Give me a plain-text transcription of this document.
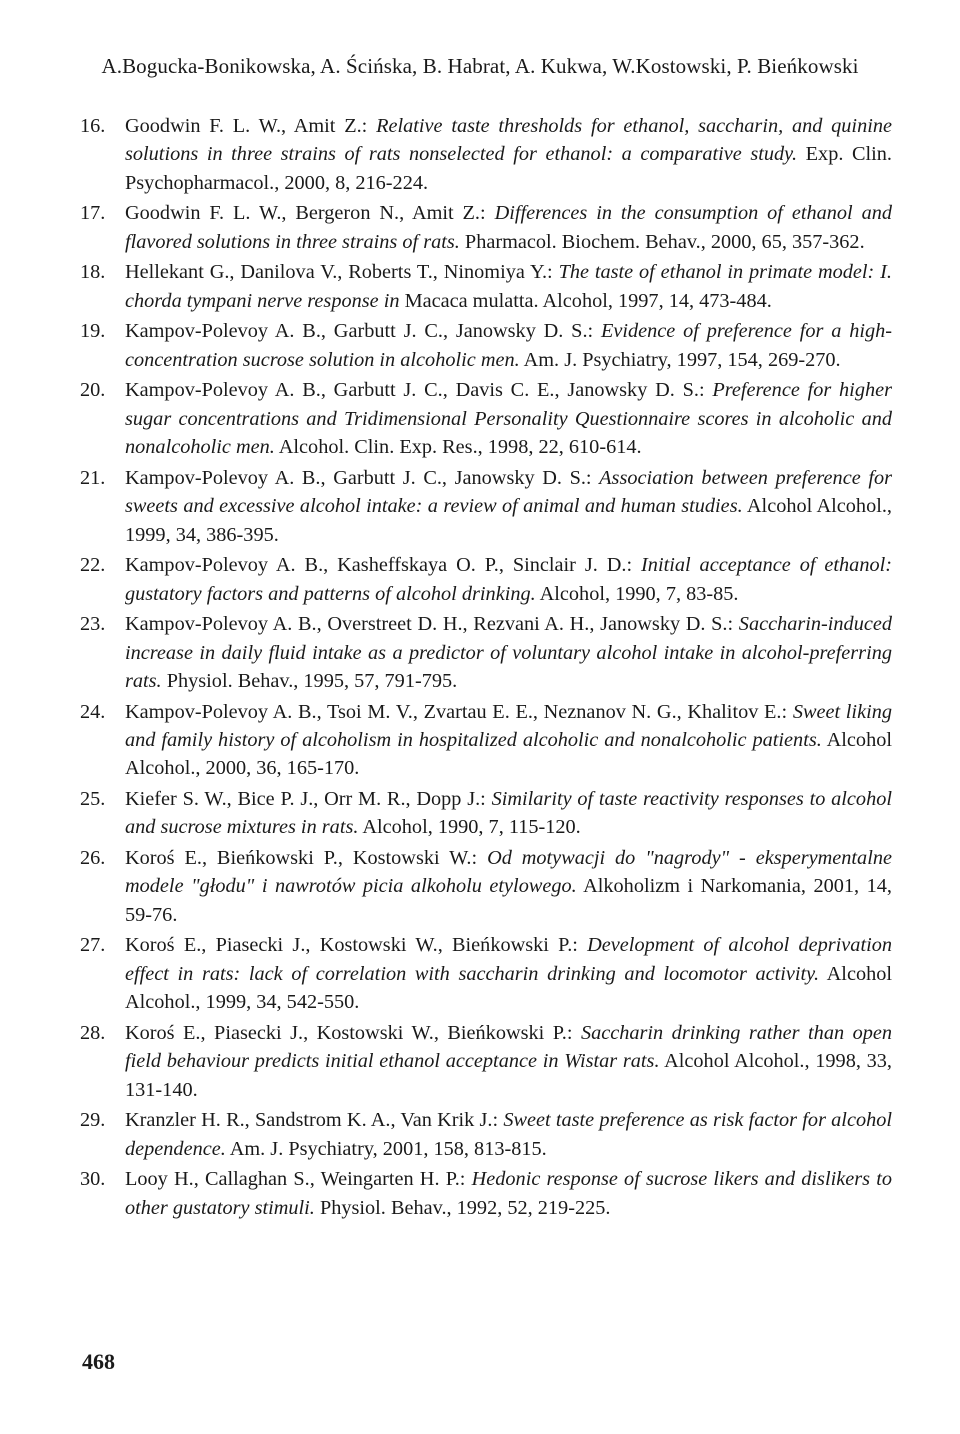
A.Bogucka-Bonikowska, A. Ścińska, B. Habrat, A. Kukwa, W.Kostowski, P. Bieńkowski
16. Goodwin F. L. W., Amit Z.: Relative taste thresholds for ethanol, saccharin, and quinine solutions in three strains of rats nonselected for ethanol: a comparative study. Exp. Clin. Psychopharmacol., 2000, 8, 216-224.
17. Goodwin F. L. W., Bergeron N., Amit Z.: Differences in the consumption of ethanol and flavored solutions in three strains of rats. Pharmacol. Biochem. Behav., 2000, 65, 357-362.
18. Hellekant G., Danilova V., Roberts T., Ninomiya Y.: The taste of ethanol in primate model: I. chorda tympani nerve response in Macaca mulatta. Alcohol, 1997, 14, 473-484.
19. Kampov-Polevoy A. B., Garbutt J. C., Janowsky D. S.: Evidence of preference for a high-concentration sucrose solution in alcoholic men. Am. J. Psychiatry, 1997, 154, 269-270.
20. Kampov-Polevoy A. B., Garbutt J. C., Davis C. E., Janowsky D. S.: Preference for higher sugar concentrations and Tridimensional Personality Questionnaire scores in alcoholic and nonalcoholic men. Alcohol. Clin. Exp. Res., 1998, 22, 610-614.
21. Kampov-Polevoy A. B., Garbutt J. C., Janowsky D. S.: Association between preference for sweets and excessive alcohol intake: a review of animal and human studies. Alcohol Alcohol., 1999, 34, 386-395.
22. Kampov-Polevoy A. B., Kasheffskaya O. P., Sinclair J. D.: Initial acceptance of ethanol: gustatory factors and patterns of alcohol drinking. Alcohol, 1990, 7, 83-85.
23. Kampov-Polevoy A. B., Overstreet D. H., Rezvani A. H., Janowsky D. S.: Saccharin-induced increase in daily fluid intake as a predictor of voluntary alcohol intake in alcohol-preferring rats. Physiol. Behav., 1995, 57, 791-795.
24. Kampov-Polevoy A. B., Tsoi M. V., Zvartau E. E., Neznanov N. G., Khalitov E.: Sweet liking and family history of alcoholism in hospitalized alcoholic and nonalcoholic patients. Alcohol Alcohol., 2000, 36, 165-170.
25. Kiefer S. W., Bice P. J., Orr M. R., Dopp J.: Similarity of taste reactivity responses to alcohol and sucrose mixtures in rats. Alcohol, 1990, 7, 115-120.
26. Koroś E., Bieńkowski P., Kostowski W.: Od motywacji do "nagrody" - eksperymentalne modele "głodu" i nawrotów picia alkoholu etylowego. Alkoholizm i Narkomania, 2001, 14, 59-76.
27. Koroś E., Piasecki J., Kostowski W., Bieńkowski P.: Development of alcohol deprivation effect in rats: lack of correlation with saccharin drinking and locomotor activity. Alcohol Alcohol., 1999, 34, 542-550.
28. Koroś E., Piasecki J., Kostowski W., Bieńkowski P.: Saccharin drinking rather than open field behaviour predicts initial ethanol acceptance in Wistar rats. Alcohol Alcohol., 1998, 33, 131-140.
29. Kranzler H. R., Sandstrom K. A., Van Krik J.: Sweet taste preference as risk factor for alcohol dependence. Am. J. Psychiatry, 2001, 158, 813-815.
30. Looy H., Callaghan S., Weingarten H. P.: Hedonic response of sucrose likers and dislikers to other gustatory stimuli. Physiol. Behav., 1992, 52, 219-225.
468
